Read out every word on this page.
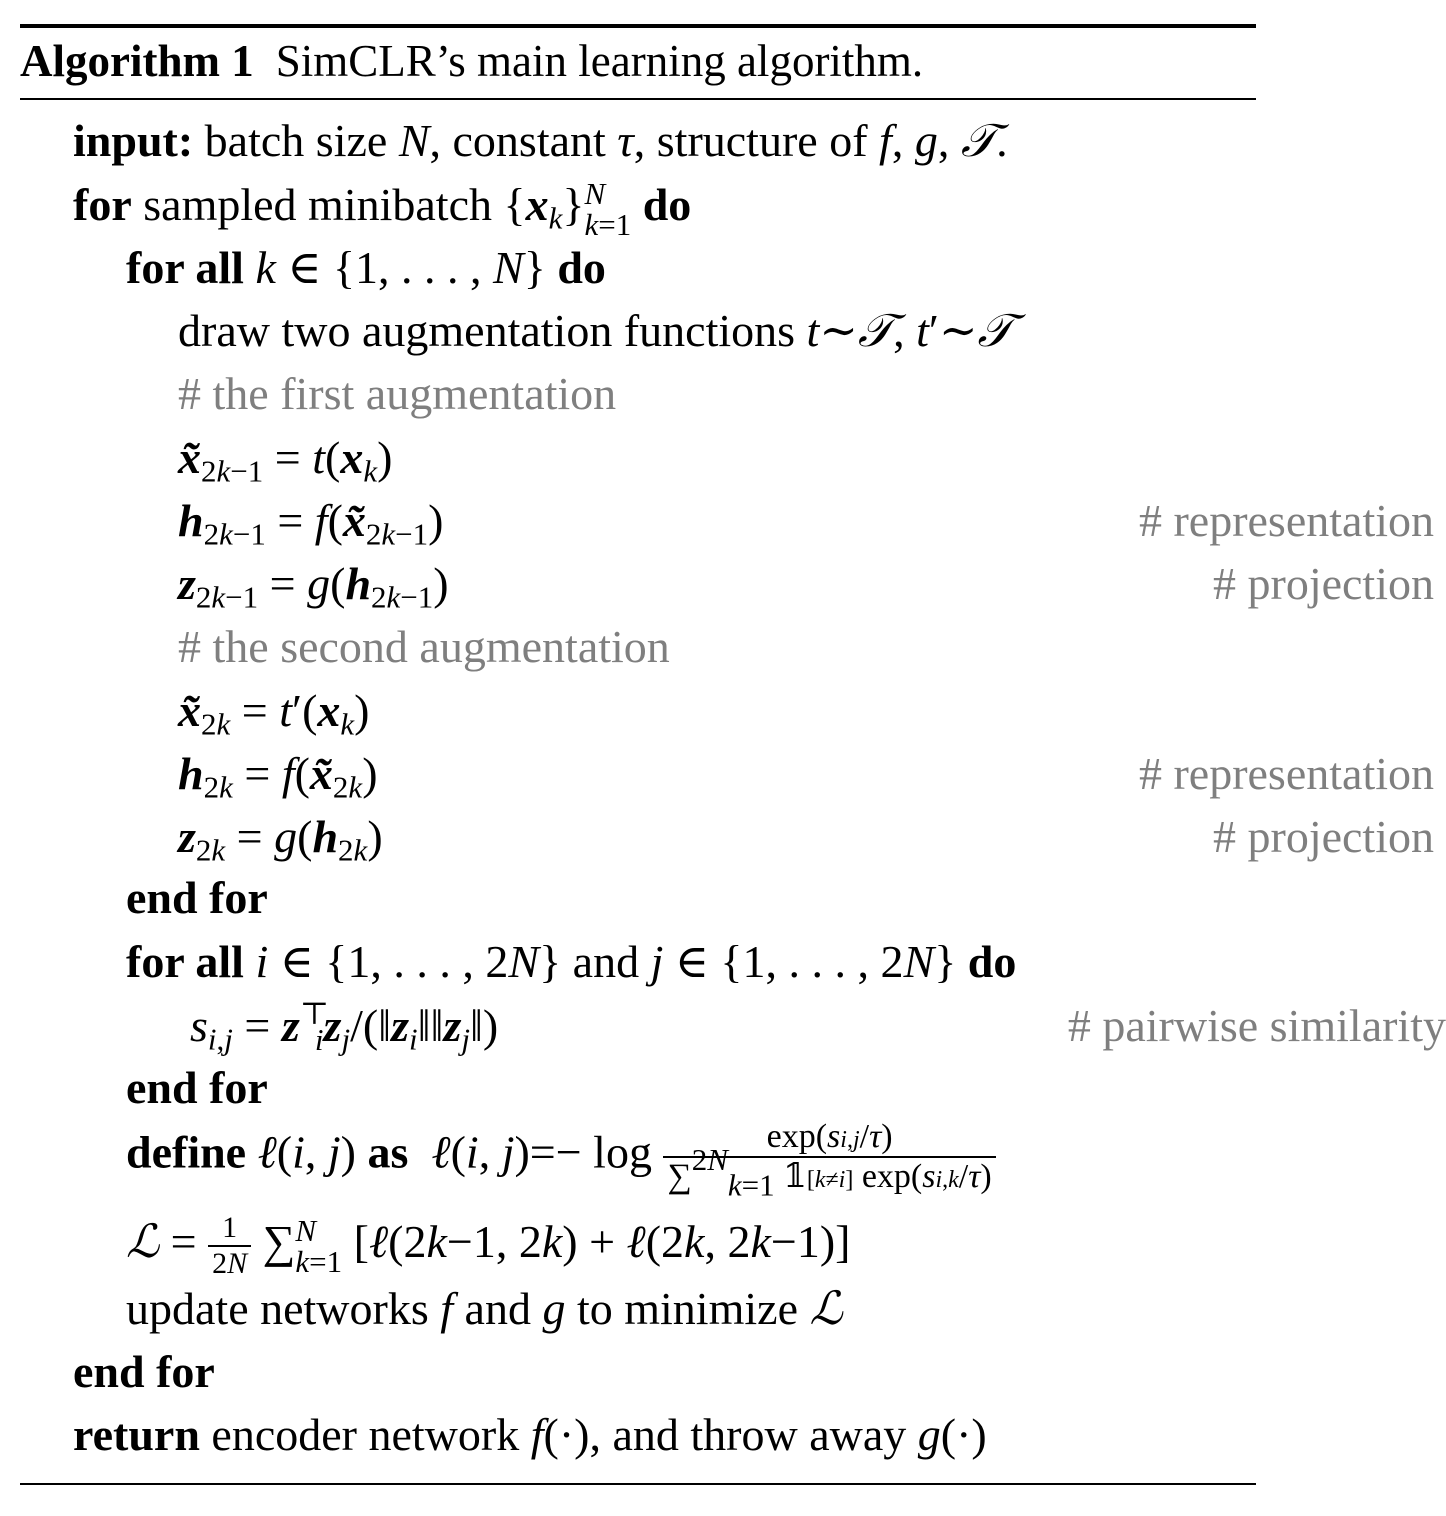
Algorithm 1 SimCLR’s main learning algorithm.
input: batch size N, constant τ, structure of f, g, 𝒯.
for sampled minibatch $\{x_k\}$ N
k=1 do
for all k ∈ {1, . . . , N} do
draw two augmentation functions t∼𝒯, t′∼𝒯
# the first augmentation
$x̃_{2k-1} = t(x_k)$
$h_{2k-1}$ = $f(x̃_{2k-1})$	# representation
$z_{2k-1} = g(h_{2k-1})$	# projection
# the second augmentation
$x̃_{2k} = t'(x_k)$
$h_{2k}$ = $f(x̃_{2k})$	# representation
$z_{2k} = g(h_{2k})$	# projection
end for
for all i ∈ {1, . . . , 2N} and j ∈ {1, . . . , 2N} do
$s_{i,j}$ = $z^⊤_iz_j/(‖z_i‖‖z_j‖)$	# pairwise similarity
end for
define ℓ(i, j) as ℓ(i, $j)=- \log \frac{\exp(si,j/\tau)}{\sum^{2N}_{k=1} 𝟙[k\ne i] \exp(si,k/\tau)}$
ℒ = $\frac{1}{2N}$ ∑ N
k=1 [ℓ(2k−1, 2k) + ℓ(2k, 2k−1)]
update networks f and g to minimize ℒ
end for
return encoder network f(·), and throw away g(·)
